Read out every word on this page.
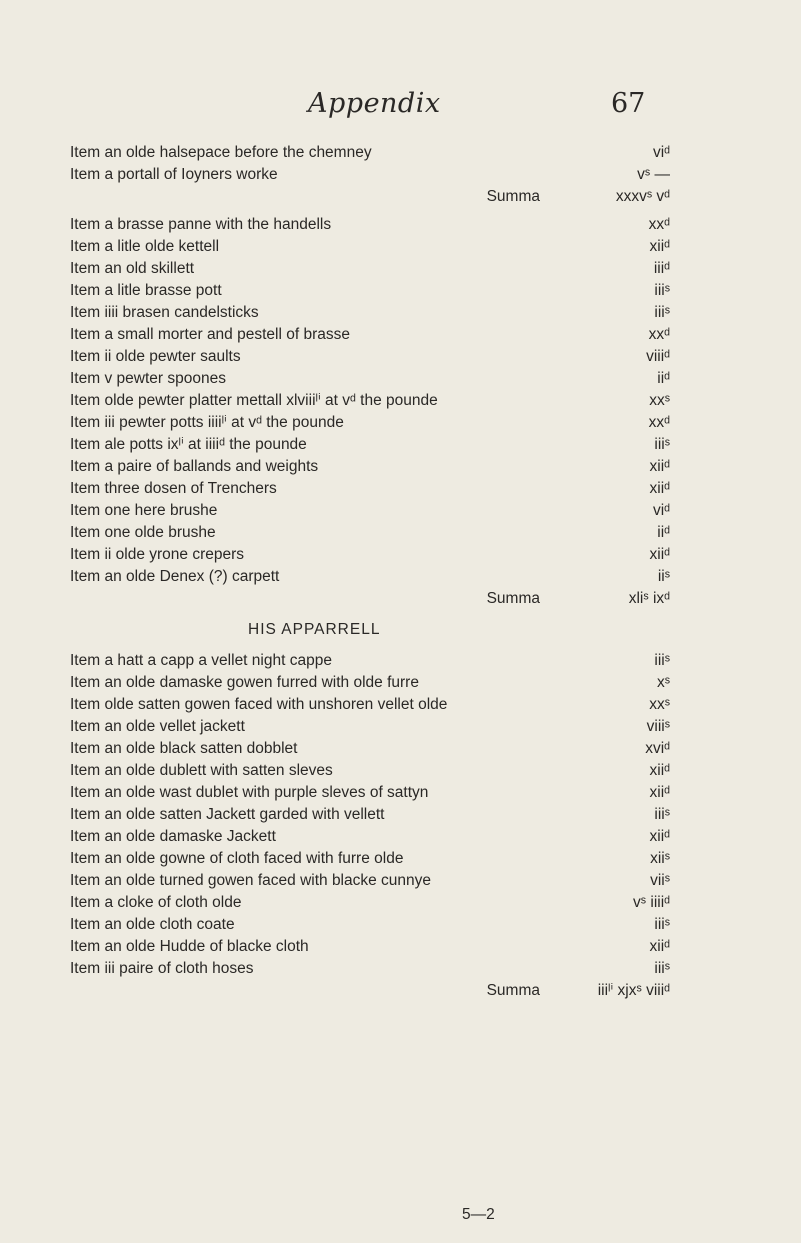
Appendix	67
Item an olde halsepace before the chemney	viᵈ
Item a portall of Ioyners worke	vˢ —
Summa	xxxvˢ vᵈ
Item a brasse panne with the handells	xxᵈ
Item a litle olde kettell	xiiᵈ
Item an old skillett	iiiᵈ
Item a litle brasse pott	iiiˢ
Item iiii brasen candelsticks	iiiˢ
Item a small morter and pestell of brasse	xxᵈ
Item ii olde pewter saults	viiiᵈ
Item v pewter spoones	iiᵈ
Item olde pewter platter mettall xlviiiˡⁱ at vᵈ the pounde	xxˢ
Item iii pewter potts iiiiˡⁱ at vᵈ the pounde	xxᵈ
Item ale potts ixˡⁱ at iiiiᵈ the pounde	iiiˢ
Item a paire of ballands and weights	xiiᵈ
Item three dosen of Trenchers	xiiᵈ
Item one here brushe	viᵈ
Item one olde brushe	iiᵈ
Item ii olde yrone crepers	xiiᵈ
Item an olde Denex (?) carpett	iiˢ
Summa	xliˢ ixᵈ
HIS APPARRELL
Item a hatt a capp a vellet night cappe	iiiˢ
Item an olde damaske gowen furred with olde furre	xˢ
Item olde satten gowen faced with unshoren vellet olde	xxˢ
Item an olde vellet jackett	viiiˢ
Item an olde black satten dobblet	xviᵈ
Item an olde dublett with satten sleves	xiiᵈ
Item an olde wast dublet with purple sleves of sattyn	xiiᵈ
Item an olde satten Jackett garded with vellett	iiiˢ
Item an olde damaske Jackett	xiiᵈ
Item an olde gowne of cloth faced with furre olde	xiiˢ
Item an olde turned gowen faced with blacke cunnye	viiˢ
Item a cloke of cloth olde	vˢ iiiiᵈ
Item an olde cloth coate	iiiˢ
Item an olde Hudde of blacke cloth	xiiᵈ
Item iii paire of cloth hoses	iiiˢ
Summa	iiiˡⁱ xjxˢ viiiᵈ
5—2
